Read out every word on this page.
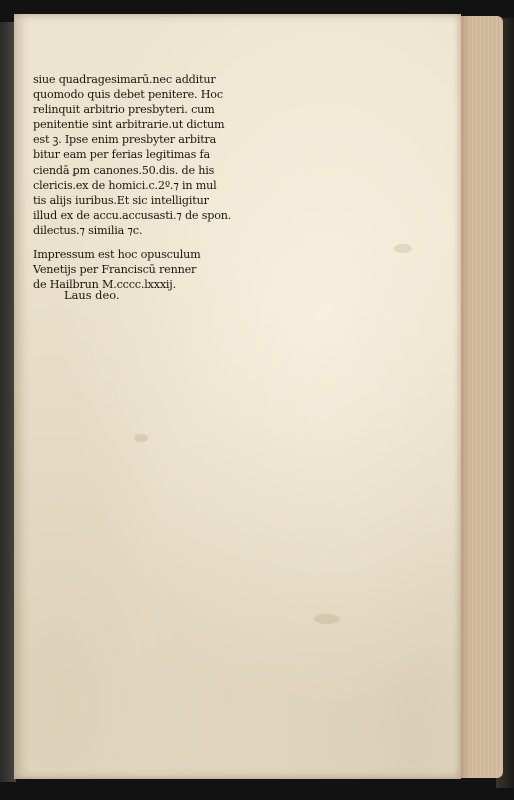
siue quadragesimarū.nec additur
quomodo quis debet penitere. Hoc
relinquit arbitrio presbyteri. cum
penitentie sint arbitrarie.ut dictum
est ꝫ. Ipse enim presbyter arbitra
bitur eam per ferias legitimas fa
ciendā ꝑm canones.50.dis. de his
clericis.ex de homici.c.2º.⁊ in mul
tis alijs iuribus.Et sic intelligitur
illud ex de accu.accusasti.⁊ de spon.
dilectus.⁊ similia ⁊c.
Impressum est hoc opusculum
Venetijs per Franciscū renner
de Hailbrun M.cccc.lxxxij.
Laus deo.
